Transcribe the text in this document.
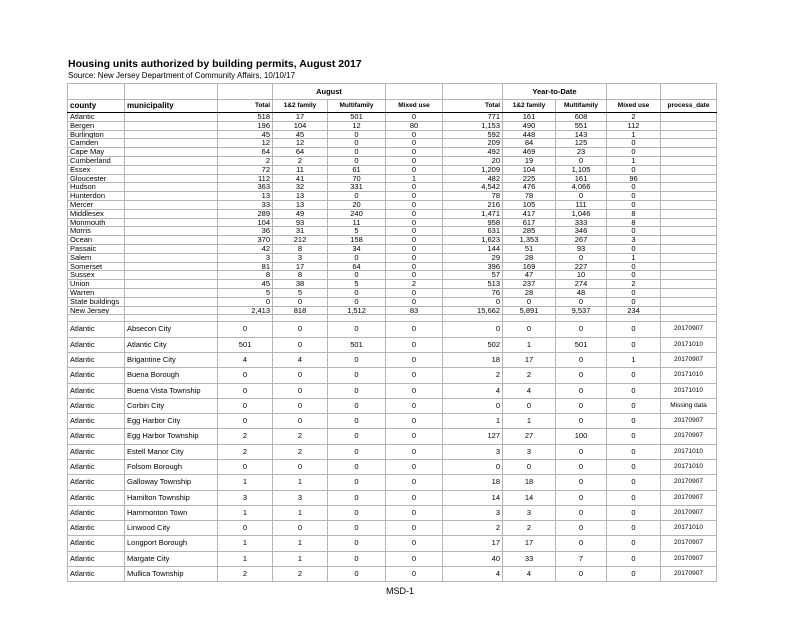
Housing units authorized by building permits, August 2017
Source: New Jersey Department of Community Affairs, 10/10/17
			August				Year-to-Date			
county	municipality	Total	1&2 family	Multifamily	Mixed use	Total	1&2 family	Multifamily	Mixed use	process_date
Atlantic		518	17	501	0	771	161	608	2	
Bergen		196	104	12	80	1,153	490	551	112	
Burlington		45	45	0	0	592	448	143	1	
Camden		12	12	0	0	209	84	125	0	
Cape May		64	64	0	0	492	469	23	0	
Cumberland		2	2	0	0	20	19	0	1	
Essex		72	11	61	0	1,209	104	1,105	0	
Gloucester		112	41	70	1	482	225	161	96	
Hudson		363	32	331	0	4,542	476	4,066	0	
Hunterdon		13	13	0	0	78	78	0	0	
Mercer		33	13	20	0	216	105	111	0	
Middlesex		289	49	240	0	1,471	417	1,046	8	
Monmouth		104	93	11	0	958	617	333	8	
Morris		36	31	5	0	631	285	346	0	
Ocean		370	212	158	0	1,623	1,353	267	3	
Passaic		42	8	34	0	144	51	93	0	
Salem		3	3	0	0	29	28	0	1	
Somerset		81	17	64	0	396	169	227	0	
Sussex		8	8	0	0	57	47	10	0	
Union		45	38	5	2	513	237	274	2	
Warren		5	5	0	0	76	28	48	0	
State buildings		0	0	0	0	0	0	0	0	
New Jersey		2,413	818	1,512	83	15,662	5,891	9,537	234	

Atlantic	Absecon City	0	0	0	0	0	0	0	0	20170907
Atlantic	Atlantic City	501	0	501	0	502	1	501	0	20171010
Atlantic	Brigantine City	4	4	0	0	18	17	0	1	20170907
Atlantic	Buena Borough	0	0	0	0	2	2	0	0	20171010
Atlantic	Buena Vista Township	0	0	0	0	4	4	0	0	20171010
Atlantic	Corbin City	0	0	0	0	0	0	0	0	Missing data
Atlantic	Egg Harbor City	0	0	0	0	1	1	0	0	20170907
Atlantic	Egg Harbor Township	2	2	0	0	127	27	100	0	20170907
Atlantic	Estell Manor City	2	2	0	0	3	3	0	0	20171010
Atlantic	Folsom Borough	0	0	0	0	0	0	0	0	20171010
Atlantic	Galloway Township	1	1	0	0	18	18	0	0	20170907
Atlantic	Hamilton Township	3	3	0	0	14	14	0	0	20170907
Atlantic	Hammonton Town	1	1	0	0	3	3	0	0	20170907
Atlantic	Linwood City	0	0	0	0	2	2	0	0	20171010
Atlantic	Longport Borough	1	1	0	0	17	17	0	0	20170907
Atlantic	Margate City	1	1	0	0	40	33	7	0	20170907
Atlantic	Mullica Township	2	2	0	0	4	4	0	0	20170907
MSD-1
